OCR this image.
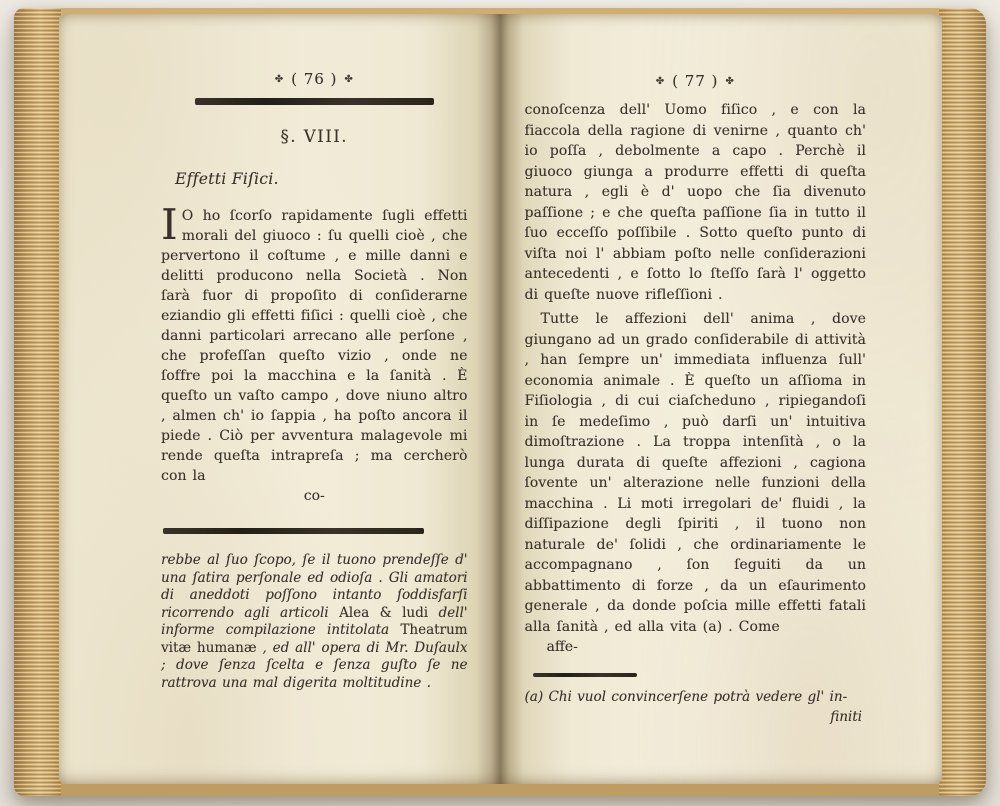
✤ ( 76 ) ✤
§. VIII.
Effetti Fiſici.

I O ho ſcorſo rapidamente ſugli effetti morali del giuoco : ſu quelli cioè , che pervertono il coſtume , e mille danni e delitti producono nella Società . Non ſarà fuor di propoſito di conſiderarne eziandio gli effetti fiſici : quelli cioè , che danni particolari arrecano alle perſone , che profeſſan queſto vizio , onde ne ſoffre poi la macchina e la ſanità . È queſto un vaſto campo , dove niuno altro , almen ch' io ſappia , ha poſto ancora il piede . Ciò per avventura malagevole mi rende queſta intrapreſa ; ma cercherò con la

co-

rebbe al ſuo ſcopo, ſe il tuono prendeſſe d' una ſatira perſonale ed odioſa . Gli amatori di aneddoti poſſono intanto ſoddisfarſi ricorrendo agli articoli Alea & ludi dell' informe compilazione intitolata Theatrum vitæ humanæ , ed all' opera di Mr. Duſaulx ; dove ſenza ſcelta e ſenza guſto ſe ne rattrova una mal digerita moltitudine .

✤ ( 77 ) ✤

conoſcenza dell' Uomo fiſico , e con la fiaccola della ragione di venirne , quanto ch' io poſſa , debolmente a capo . Perchè il giuoco giunga a produrre effetti di queſta natura , egli è d' uopo che ſia divenuto paſſione ; e che queſta paſſione ſia in tutto il ſuo ecceſſo poſſibile . Sotto queſto punto di viſta noi l' abbiam poſto nelle conſiderazioni antecedenti , e ſotto lo ſteſſo ſarà l' oggetto di queſte nuove rifleſſioni .

Tutte le affezioni dell' anima , dove giungano ad un grado conſiderabile di attività , han ſempre un' immediata influenza ſull' economia animale . È queſto un aſſioma in Fiſiologia , di cui ciaſcheduno , ripiegandoſi in ſe medeſimo , può darſi un' intuitiva dimoſtrazione . La troppa intenſità , o la lunga durata di queſte affezioni , cagiona ſovente un' alterazione nelle funzioni della macchina . Li moti irregolari de' fluidi , la diſſipazione degli ſpiriti , il tuono non naturale de' ſolidi , che ordinariamente le accompagnano , ſon ſeguiti da un abbattimento di forze , da un eſaurimento generale , da donde poſcia mille effetti fatali alla ſanità , ed alla vita (a) . Come

affe-

(a) Chi vuol convincerſene potrà vedere gl' in-

finiti
